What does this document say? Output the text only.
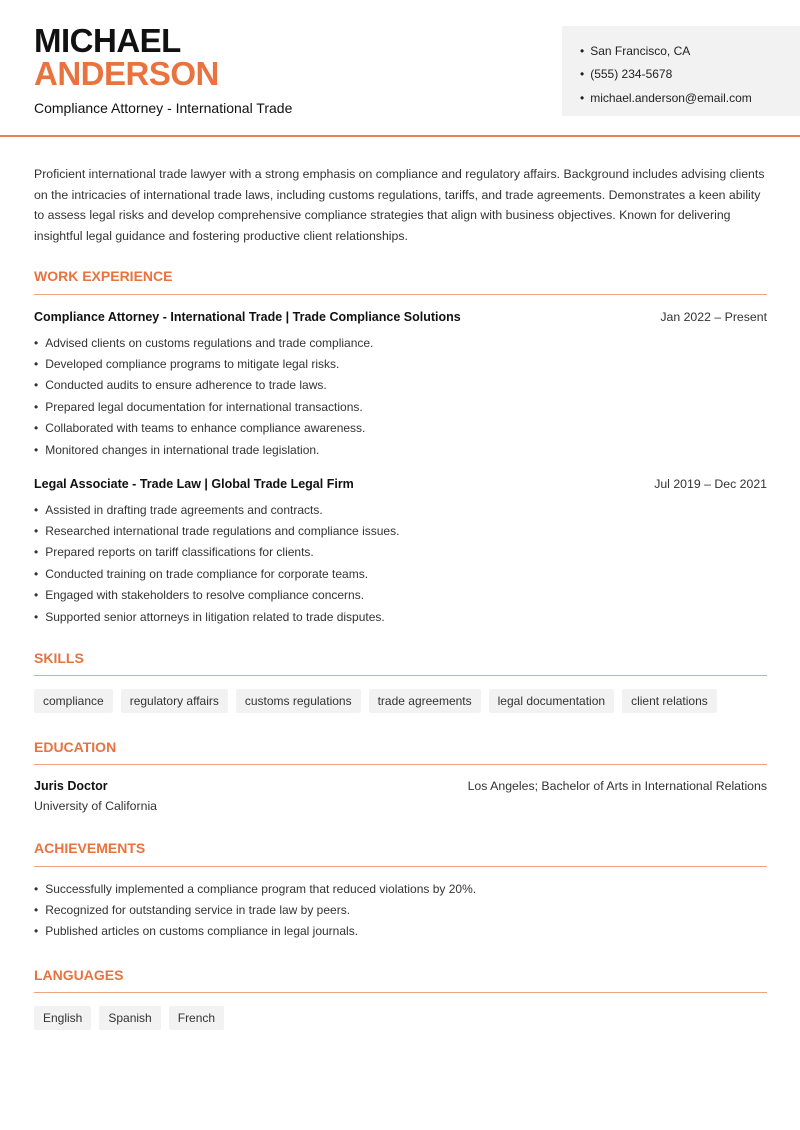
MICHAEL
ANDERSON
Compliance Attorney - International Trade
• San Francisco, CA
• (555) 234-5678
• michael.anderson@email.com

Proficient international trade lawyer with a strong emphasis on compliance and regulatory affairs. Background includes advising clients on the intricacies of international trade laws, including customs regulations, tariffs, and trade agreements. Demonstrates a keen ability to assess legal risks and develop comprehensive compliance strategies that align with business objectives. Known for delivering insightful legal guidance and fostering productive client relationships.

WORK EXPERIENCE
Compliance Attorney - International Trade | Trade Compliance Solutions	Jan 2022 – Present
• Advised clients on customs regulations and trade compliance.
• Developed compliance programs to mitigate legal risks.
• Conducted audits to ensure adherence to trade laws.
• Prepared legal documentation for international transactions.
• Collaborated with teams to enhance compliance awareness.
• Monitored changes in international trade legislation.
Legal Associate - Trade Law | Global Trade Legal Firm	Jul 2019 – Dec 2021
• Assisted in drafting trade agreements and contracts.
• Researched international trade regulations and compliance issues.
• Prepared reports on tariff classifications for clients.
• Conducted training on trade compliance for corporate teams.
• Engaged with stakeholders to resolve compliance concerns.
• Supported senior attorneys in litigation related to trade disputes.
SKILLS
compliance	regulatory affairs	customs regulations	trade agreements	legal documentation	client relations
EDUCATION
Juris Doctor	Los Angeles; Bachelor of Arts in International Relations
University of California
ACHIEVEMENTS
• Successfully implemented a compliance program that reduced violations by 20%.
• Recognized for outstanding service in trade law by peers.
• Published articles on customs compliance in legal journals.
LANGUAGES
English	Spanish	French
